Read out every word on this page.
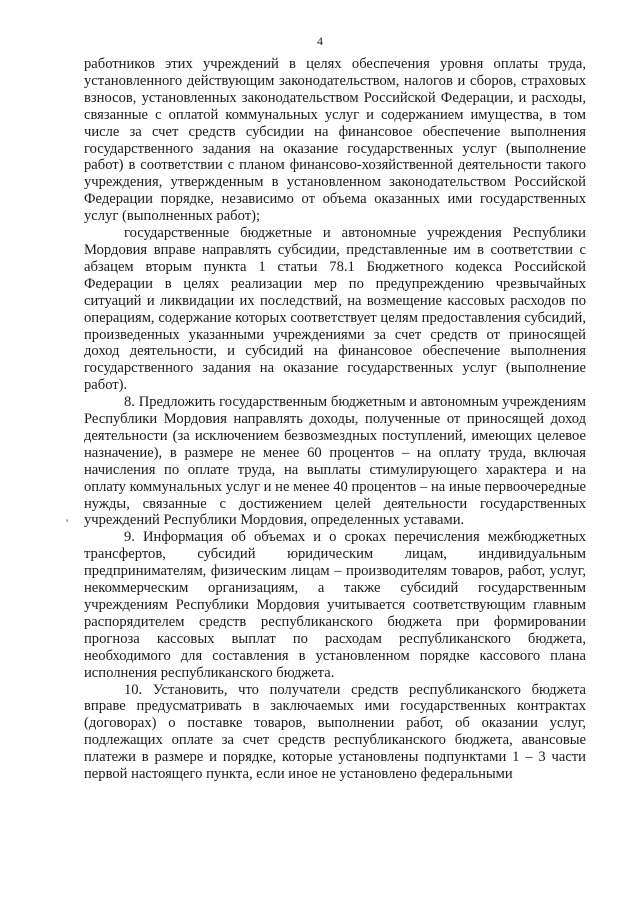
4
'

работников этих учреждений в целях обеспечения уровня оплаты труда, установленного действующим законодательством, налогов и сборов, страховых взносов, установленных законодательством Российской Федерации, и расходы, связанные с оплатой коммунальных услуг и содержанием имущества, в том числе за счет средств субсидии на финансовое обеспечение выполнения государственного задания на оказание государственных услуг (выполнение работ) в соответствии с планом финансово-хозяйственной деятельности такого учреждения, утвержденным в установленном законодательством Российской Федерации порядке, независимо от объема оказанных ими государственных услуг (выполненных работ);

государственные бюджетные и автономные учреждения Республики Мордовия вправе направлять субсидии, представленные им в соответствии с абзацем вторым пункта 1 статьи 78.1 Бюджетного кодекса Российской Федерации в целях реализации мер по предупреждению чрезвычайных ситуаций и ликвидации их последствий, на возмещение кассовых расходов по операциям, содержание которых соответствует целям предоставления субсидий, произведенных указанными учреждениями за счет средств от приносящей доход деятельности, и субсидий на финансовое обеспечение выполнения государственного задания на оказание государственных услуг (выполнение работ).

8. Предложить государственным бюджетным и автономным учреждениям Республики Мордовия направлять доходы, полученные от приносящей доход деятельности (за исключением безвозмездных поступлений, имеющих целевое назначение), в размере не менее 60 процентов – на оплату труда, включая начисления по оплате труда, на выплаты стимулирующего характера и на оплату коммунальных услуг и не менее 40 процентов – на иные первоочередные нужды, связанные с достижением целей деятельности государственных учреждений Республики Мордовия, определенных уставами.

9. Информация об объемах и о сроках перечисления межбюджетных трансфертов, субсидий юридическим лицам, индивидуальным предпринимателям, физическим лицам – производителям товаров, работ, услуг, некоммерческим организациям, а также субсидий государственным учреждениям Республики Мордовия учитывается соответствующим главным распорядителем средств республиканского бюджета при формировании прогноза кассовых выплат по расходам республиканского бюджета, необходимого для составления в установленном порядке кассового плана исполнения республиканского бюджета.

10. Установить, что получатели средств республиканского бюджета вправе предусматривать в заключаемых ими государственных контрактах (договорах) о поставке товаров, выполнении работ, об оказании услуг, подлежащих оплате за счет средств республиканского бюджета, авансовые платежи в размере и порядке, которые установлены подпунктами 1 – 3 части первой настоящего пункта, если иное не установлено федеральными
